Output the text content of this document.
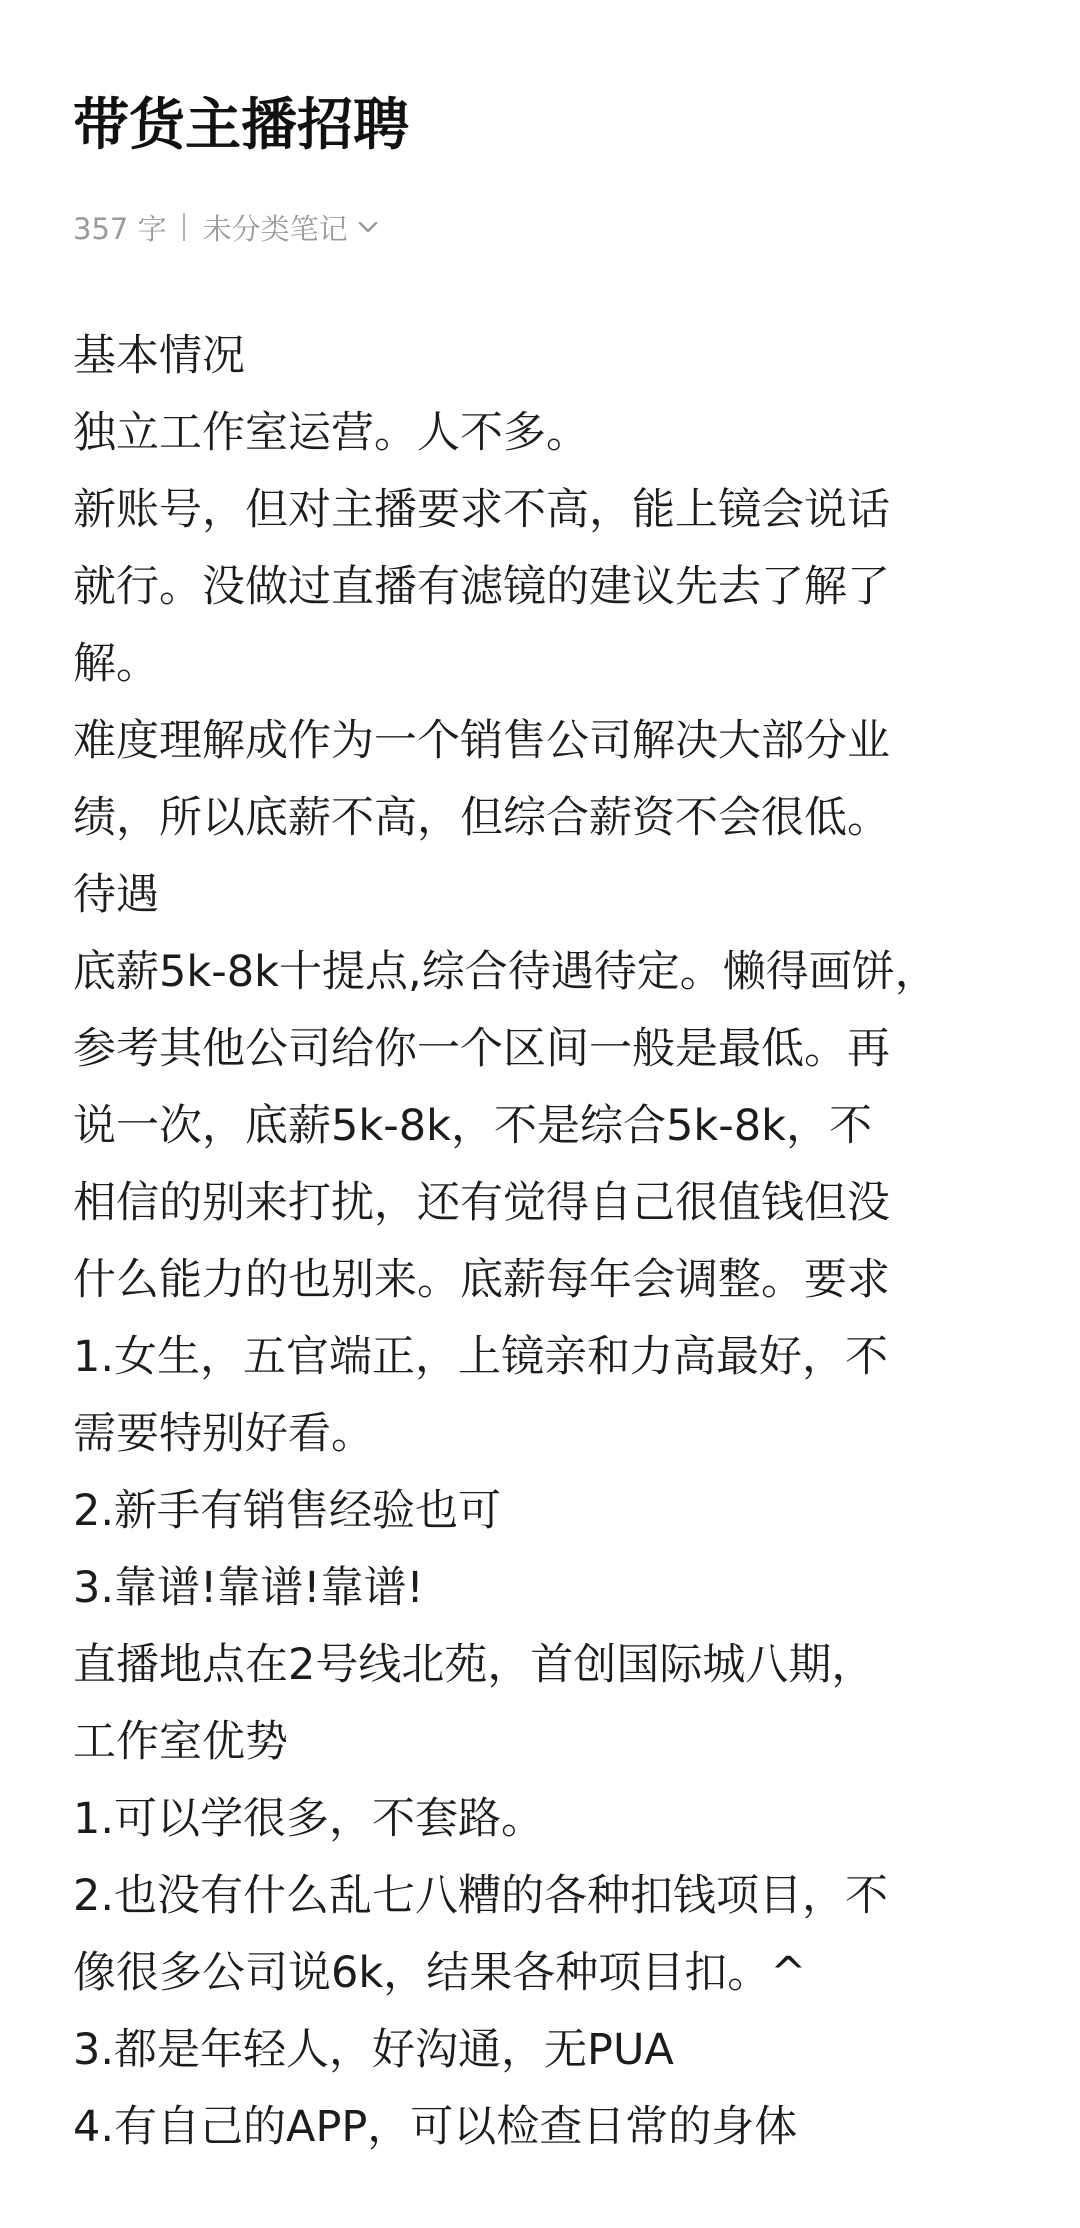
带货主播招聘
357 字 未分类笔记
基本情况
独立工作室运营。人不多。
新账号，但对主播要求不高，能上镜会说话
就行。没做过直播有滤镜的建议先去了解了
解。
难度理解成作为一个销售公司解决大部分业
绩，所以底薪不高，但综合薪资不会很低。
待遇
底薪5k-8k十提点,综合待遇待定。懒得画饼，
参考其他公司给你一个区间一般是最低。再
说一次，底薪5k-8k，不是综合5k-8k，不
相信的别来打扰，还有觉得自己很值钱但没
什么能力的也别来。底薪每年会调整。要求
1.女生，五官端正，上镜亲和力高最好，不
需要特别好看。
2.新手有销售经验也可
3.靠谱!靠谱!靠谱!
直播地点在2号线北苑，首创国际城八期，
工作室优势
1.可以学很多，不套路。
2.也没有什么乱七八糟的各种扣钱项目，不
像很多公司说6k，结果各种项目扣。^
3.都是年轻人，好沟通，无PUA
4.有自己的APP，可以检查日常的身体
